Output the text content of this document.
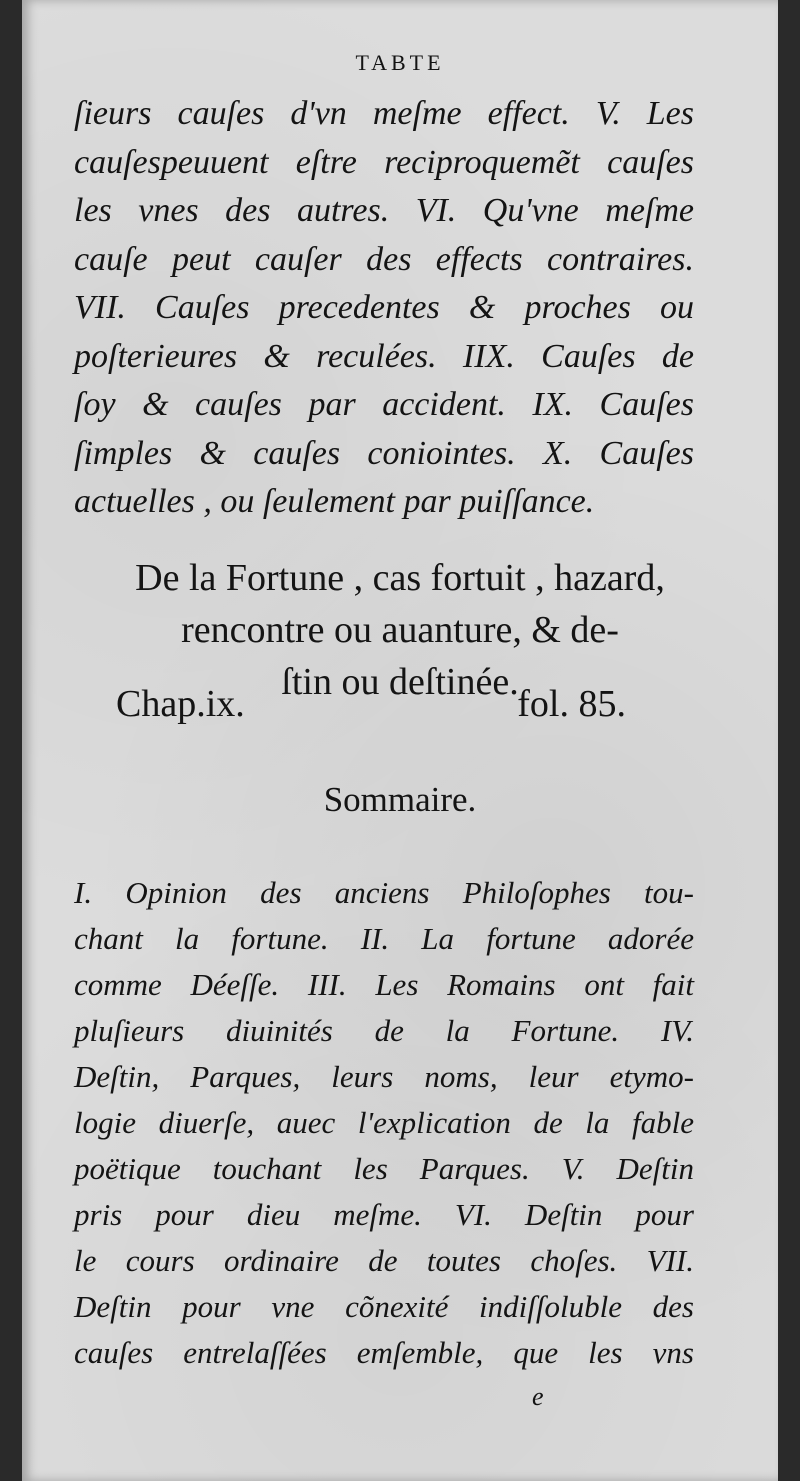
TABTE
ſieurs cauſes d'vn meſme effect. V. Les
cauſespeuuent eſtre reciproquemẽt cauſes
les vnes des autres. VI. Qu'vne meſme
cauſe peut cauſer des effects contraires.
VII. Cauſes precedentes & proches ou
poſterieures & reculées. IIX. Cauſes de
ſoy & cauſes par accident. IX. Cauſes
ſimples & cauſes conіointes. X. Cauſes
actuelles , ou ſeulement par puiſſance.
De la Fortune , cas fortuit , hazard,
rencontre ou auanture, & de-
ſtin ou deſtinée.
Chap.ix.	fol. 85.
Sommaire.
I. Opinion des anciens Philoſophes tou-
chant la fortune. II. La fortune adorée
comme Déeſſe. III. Les Romains ont fait
pluſieurs diuinités de la Fortune. IV.
Deſtin, Parques, leurs noms, leur etymo-
logie diuerſe, auec l'explication de la fable
poëtique touchant les Parques. V. Deſtin
pris pour dieu meſme. VI. Deſtin pour
le cours ordinaire de toutes choſes. VII.
Deſtin pour vne cõnexité indiſſoluble des
cauſes entrelaſſées emſemble, que les vns
e
